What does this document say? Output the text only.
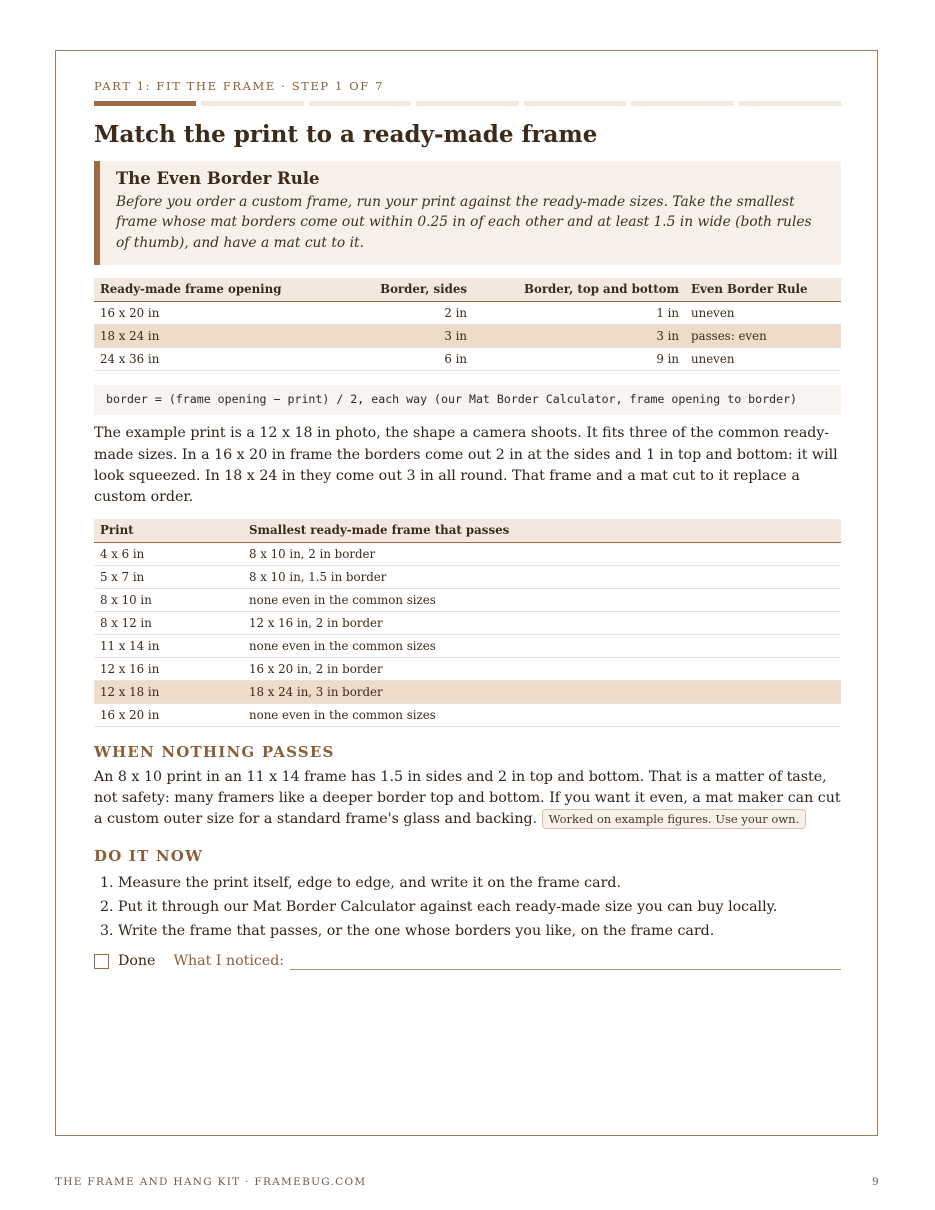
PART 1: FIT THE FRAME · STEP 1 OF 7

Match the print to a ready-made frame
The Even Border Rule

Before you order a custom frame, run your print against the ready-made sizes. Take the smallest frame whose mat borders come out within 0.25 in of each other and at least 1.5 in wide (both rules of thumb), and have a mat cut to it.

Ready-made frame opening	Border, sides	Border, top and bottom	Even Border Rule
16 x 20 in	2 in	1 in	uneven
18 x 24 in	3 in	3 in	passes: even
24 x 36 in	6 in	9 in	uneven
border = (frame opening − print) / 2, each way (our Mat Border Calculator, frame opening to border)

The example print is a 12 x 18 in photo, the shape a camera shoots. It fits three of the common ready-made sizes. In a 16 x 20 in frame the borders come out 2 in at the sides and 1 in top and bottom: it will look squeezed. In 18 x 24 in they come out 3 in all round. That frame and a mat cut to it replace a custom order.

Print	Smallest ready-made frame that passes
4 x 6 in	8 x 10 in, 2 in border
5 x 7 in	8 x 10 in, 1.5 in border
8 x 10 in	none even in the common sizes
8 x 12 in	12 x 16 in, 2 in border
11 x 14 in	none even in the common sizes
12 x 16 in	16 x 20 in, 2 in border
12 x 18 in	18 x 24 in, 3 in border
16 x 20 in	none even in the common sizes
WHEN NOTHING PASSES

An 8 x 10 print in an 11 x 14 frame has 1.5 in sides and 2 in top and bottom. That is a matter of taste, not safety: many framers like a deeper border top and bottom. If you want it even, a mat maker can cut a custom outer size for a standard frame's glass and backing. Worked on example figures. Use your own.

DO IT NOW
1. Measure the print itself, edge to edge, and write it on the frame card.
2. Put it through our Mat Border Calculator against each ready-made size you can buy locally.
3. Write the frame that passes, or the one whose borders you like, on the frame card.
Done What I noticed:
THE FRAME AND HANG KIT · FRAMEBUG.COM	9
